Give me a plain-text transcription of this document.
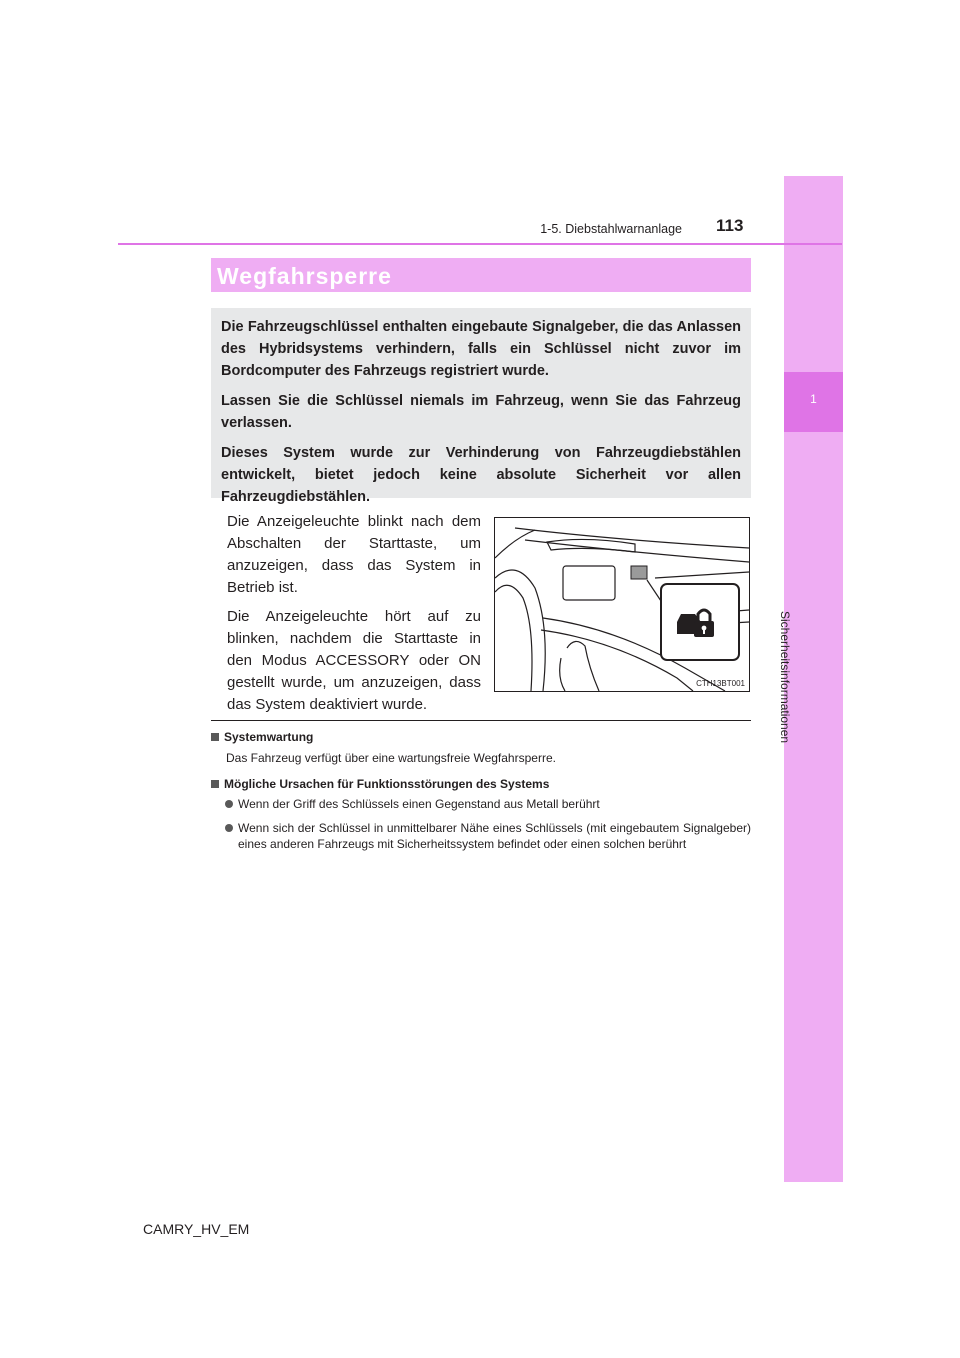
1
Sicherheitsinformationen
1-5. Diebstahlwarnanlage 113
Wegfahrsperre

Die Fahrzeugschlüssel enthalten eingebaute Signalgeber, die das Anlassen des Hybridsystems verhindern, falls ein Schlüssel nicht zuvor im Bordcomputer des Fahrzeugs registriert wurde.

Lassen Sie die Schlüssel niemals im Fahrzeug, wenn Sie das Fahrzeug verlassen.

Dieses System wurde zur Verhinderung von Fahrzeugdiebstählen entwickelt, bietet jedoch keine absolute Sicherheit vor allen Fahrzeugdiebstählen.

Die Anzeigeleuchte blinkt nach dem Abschalten der Starttaste, um anzuzeigen, dass das System in Betrieb ist.

Die Anzeigeleuchte hört auf zu blinken, nachdem die Starttaste in den Modus ACCESSORY oder ON gestellt wurde, um anzuzeigen, dass das System deaktiviert wurde.

CTH13BT001

Systemwartung

Das Fahrzeug verfügt über eine wartungsfreie Wegfahrsperre.

Mögliche Ursachen für Funktionsstörungen des Systems

Wenn der Griff des Schlüssels einen Gegenstand aus Metall berührt
Wenn sich der Schlüssel in unmittelbarer Nähe eines Schlüssels (mit eingebautem Signalgeber) eines anderen Fahrzeugs mit Sicherheitssystem befindet oder einen solchen berührt
CAMRY_HV_EM
